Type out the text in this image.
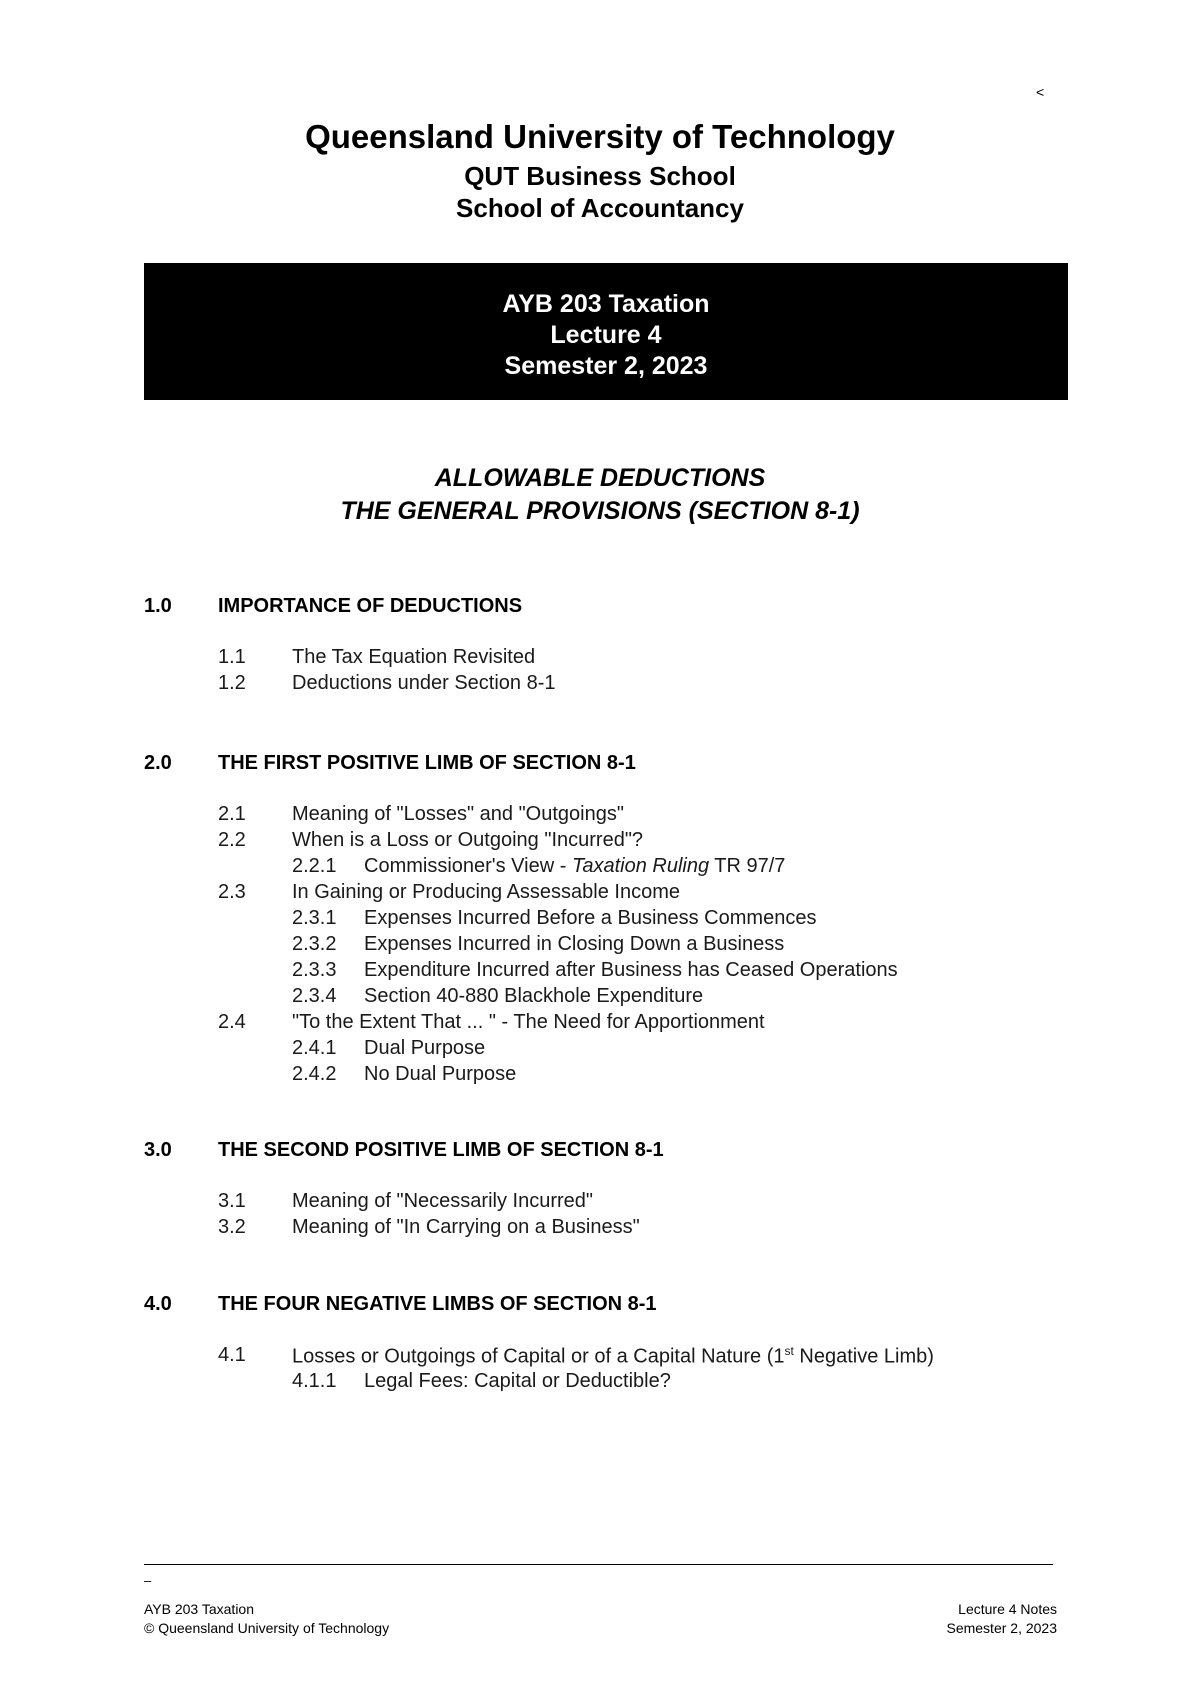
˂
Queensland University of Technology
QUT Business School
School of Accountancy
AYB 203 Taxation
Lecture 4
Semester 2, 2023
ALLOWABLE DEDUCTIONS
THE GENERAL PROVISIONS (SECTION 8-1)
1.0 IMPORTANCE OF DEDUCTIONS
1.1 The Tax Equation Revisited
1.2 Deductions under Section 8-1
2.0 THE FIRST POSITIVE LIMB OF SECTION 8-1
2.1 Meaning of "Losses" and "Outgoings"
2.2 When is a Loss or Outgoing "Incurred"?
2.2.1 Commissioner's View - Taxation Ruling TR 97/7
2.3 In Gaining or Producing Assessable Income
2.3.1 Expenses Incurred Before a Business Commences
2.3.2 Expenses Incurred in Closing Down a Business
2.3.3 Expenditure Incurred after Business has Ceased Operations
2.3.4 Section 40-880 Blackhole Expenditure
2.4 "To the Extent That ... " - The Need for Apportionment
2.4.1 Dual Purpose
2.4.2 No Dual Purpose
3.0 THE SECOND POSITIVE LIMB OF SECTION 8-1
3.1 Meaning of "Necessarily Incurred"
3.2 Meaning of "In Carrying on a Business"
4.0 THE FOUR NEGATIVE LIMBS OF SECTION 8-1
4.1 Losses or Outgoings of Capital or of a Capital Nature (1st Negative Limb)
4.1.1 Legal Fees: Capital or Deductible?
–
AYB 203 Taxation
© Queensland University of Technology
Lecture 4 Notes
Semester 2, 2023
